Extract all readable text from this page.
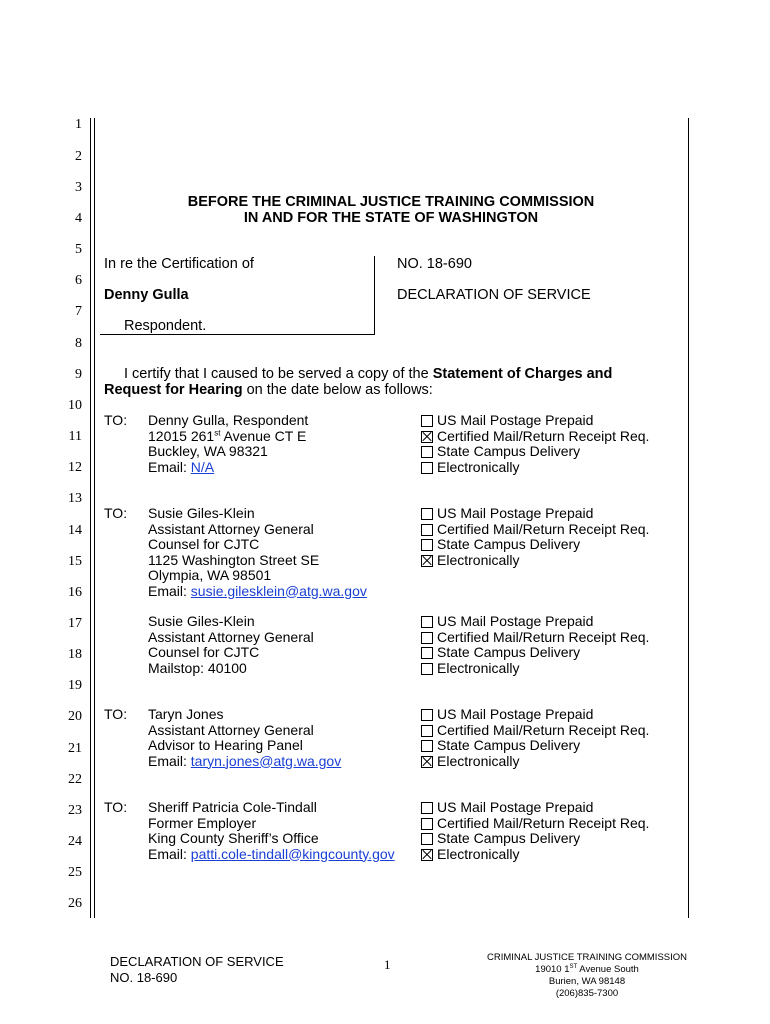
1
2
3
4
5
6
7
8
9
10
11
12
13
14
15
16
17
18
19
20
21
22
23
24
25
26
BEFORE THE CRIMINAL JUSTICE TRAINING COMMISSION
IN AND FOR THE STATE OF WASHINGTON
In re the Certification of
Denny Gulla
Respondent.
NO. 18-690
DECLARATION OF SERVICE
I certify that I caused to be served a copy of the Statement of Charges and
Request for Hearing on the date below as follows:
TO: Denny Gulla, Respondent
12015 261st Avenue CT E
Buckley, WA 98321
Email: N/A
US Mail Postage Prepaid
Certified Mail/Return Receipt Req.
State Campus Delivery
Electronically
TO: Susie Giles-Klein
Assistant Attorney General
Counsel for CJTC
1125 Washington Street SE
Olympia, WA 98501
Email: susie.gilesklein@atg.wa.gov
US Mail Postage Prepaid
Certified Mail/Return Receipt Req.
State Campus Delivery
Electronically
Susie Giles-Klein
Assistant Attorney General
Counsel for CJTC
Mailstop: 40100
US Mail Postage Prepaid
Certified Mail/Return Receipt Req.
State Campus Delivery
Electronically
TO: Taryn Jones
Assistant Attorney General
Advisor to Hearing Panel
Email: taryn.jones@atg.wa.gov
US Mail Postage Prepaid
Certified Mail/Return Receipt Req.
State Campus Delivery
Electronically
TO: Sheriff Patricia Cole-Tindall
Former Employer
King County Sheriff’s Office
Email: patti.cole-tindall@kingcounty.gov
US Mail Postage Prepaid
Certified Mail/Return Receipt Req.
State Campus Delivery
Electronically
DECLARATION OF SERVICE
NO. 18-690
1	CRIMINAL JUSTICE TRAINING COMMISSION
19010 1ST Avenue South
Burien, WA 98148
(206)835-7300
